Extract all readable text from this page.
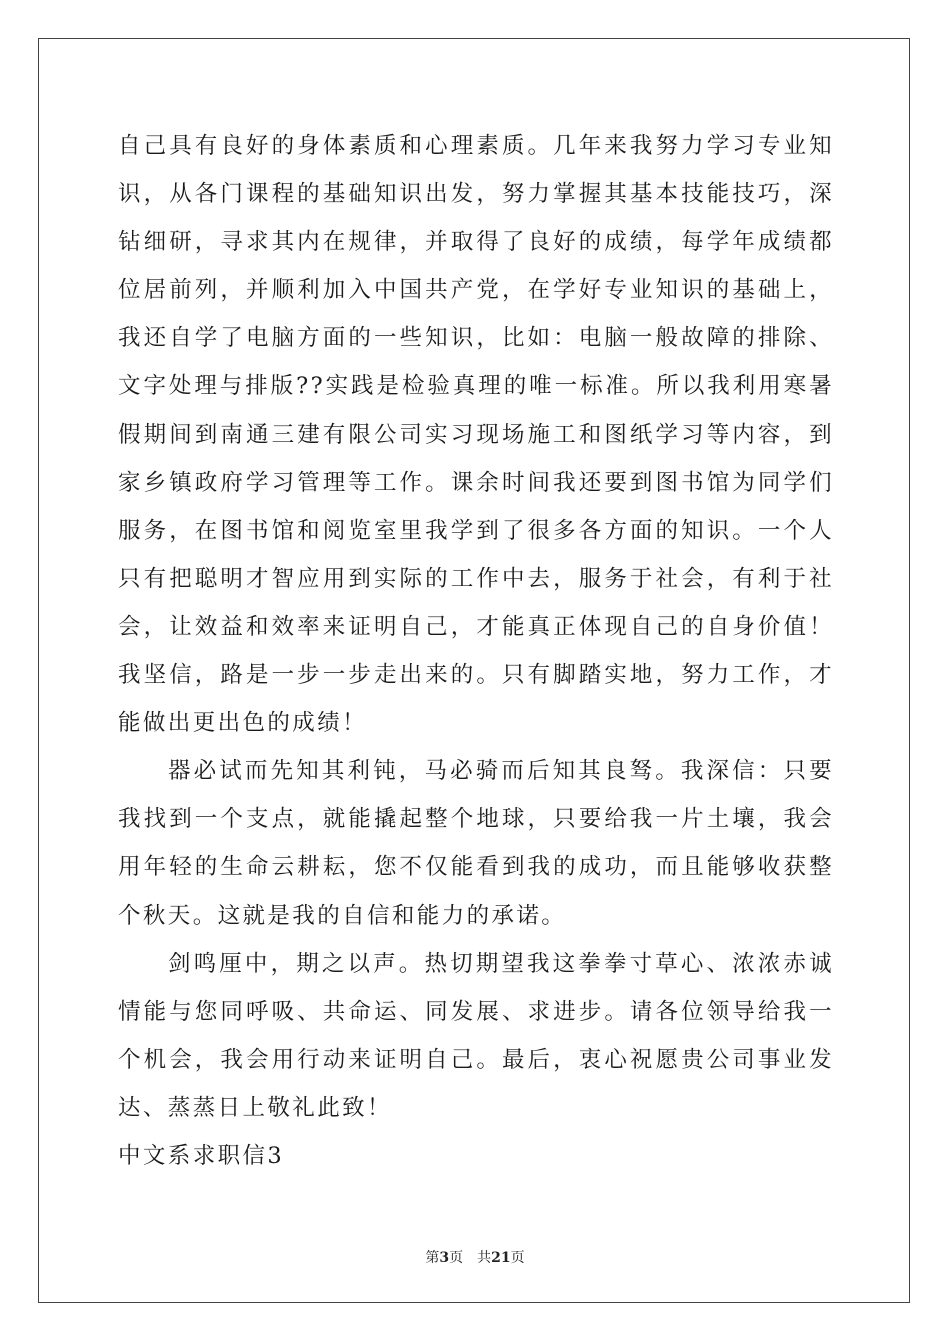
自己具有良好的身体素质和心理素质。几年来我努力学习专业知识，从各门课程的基础知识出发，努力掌握其基本技能技巧，深钻细研，寻求其内在规律，并取得了良好的成绩，每学年成绩都位居前列，并顺利加入中国共产党，在学好专业知识的基础上，我还自学了电脑方面的一些知识，比如：电脑一般故障的排除、文字处理与排版??实践是检验真理的唯一标准。所以我利用寒暑假期间到南通三建有限公司实习现场施工和图纸学习等内容，到家乡镇政府学习管理等工作。课余时间我还要到图书馆为同学们服务，在图书馆和阅览室里我学到了很多各方面的知识。一个人只有把聪明才智应用到实际的工作中去，服务于社会，有利于社会，让效益和效率来证明自己，才能真正体现自己的自身价值！我坚信，路是一步一步走出来的。只有脚踏实地，努力工作，才能做出更出色的成绩！

器必试而先知其利钝，马必骑而后知其良驽。我深信：只要我找到一个支点，就能撬起整个地球，只要给我一片土壤，我会用年轻的生命云耕耘，您不仅能看到我的成功，而且能够收获整个秋天。这就是我的自信和能力的承诺。

剑鸣厘中，期之以声。热切期望我这拳拳寸草心、浓浓赤诚情能与您同呼吸、共命运、同发展、求进步。请各位领导给我一个机会，我会用行动来证明自己。最后，衷心祝愿贵公司事业发达、蒸蒸日上敬礼此致！

中文系求职信3

第3页 共21页
